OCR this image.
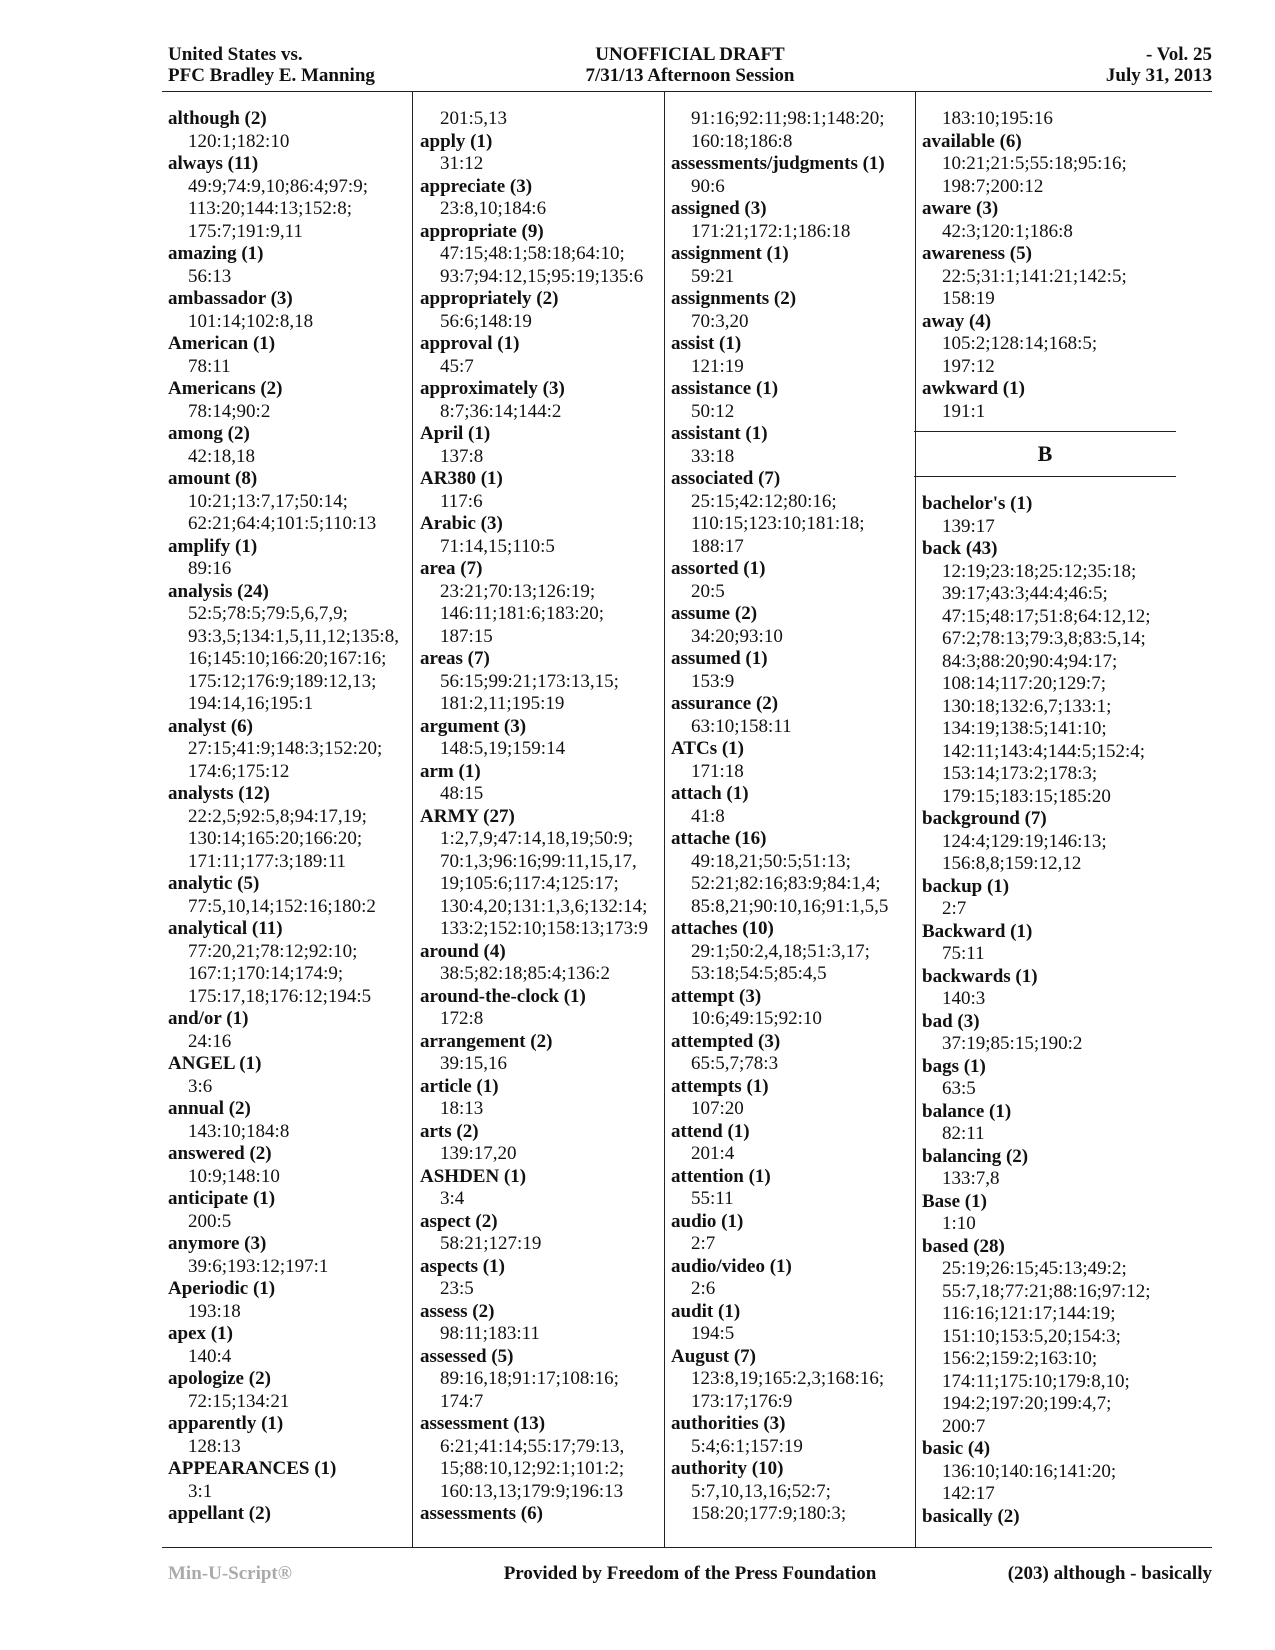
United States vs.
PFC Bradley E. Manning
UNOFFICIAL DRAFT
7/31/13 Afternoon Session
- Vol. 25
July 31, 2013
although (2)
120:1;182:10
always (11)
49:9;74:9,10;86:4;97:9;
113:20;144:13;152:8;
175:7;191:9,11
amazing (1)
56:13
ambassador (3)
101:14;102:8,18
American (1)
78:11
Americans (2)
78:14;90:2
among (2)
42:18,18
amount (8)
10:21;13:7,17;50:14;
62:21;64:4;101:5;110:13
amplify (1)
89:16
analysis (24)
52:5;78:5;79:5,6,7,9;
93:3,5;134:1,5,11,12;135:8,
16;145:10;166:20;167:16;
175:12;176:9;189:12,13;
194:14,16;195:1
analyst (6)
27:15;41:9;148:3;152:20;
174:6;175:12
analysts (12)
22:2,5;92:5,8;94:17,19;
130:14;165:20;166:20;
171:11;177:3;189:11
analytic (5)
77:5,10,14;152:16;180:2
analytical (11)
77:20,21;78:12;92:10;
167:1;170:14;174:9;
175:17,18;176:12;194:5
and/or (1)
24:16
ANGEL (1)
3:6
annual (2)
143:10;184:8
answered (2)
10:9;148:10
anticipate (1)
200:5
anymore (3)
39:6;193:12;197:1
Aperiodic (1)
193:18
apex (1)
140:4
apologize (2)
72:15;134:21
apparently (1)
128:13
APPEARANCES (1)
3:1
appellant (2)
201:5,13
apply (1)
31:12
appreciate (3)
23:8,10;184:6
appropriate (9)
47:15;48:1;58:18;64:10;
93:7;94:12,15;95:19;135:6
appropriately (2)
56:6;148:19
approval (1)
45:7
approximately (3)
8:7;36:14;144:2
April (1)
137:8
AR380 (1)
117:6
Arabic (3)
71:14,15;110:5
area (7)
23:21;70:13;126:19;
146:11;181:6;183:20;
187:15
areas (7)
56:15;99:21;173:13,15;
181:2,11;195:19
argument (3)
148:5,19;159:14
arm (1)
48:15
ARMY (27)
1:2,7,9;47:14,18,19;50:9;
70:1,3;96:16;99:11,15,17,
19;105:6;117:4;125:17;
130:4,20;131:1,3,6;132:14;
133:2;152:10;158:13;173:9
around (4)
38:5;82:18;85:4;136:2
around-the-clock (1)
172:8
arrangement (2)
39:15,16
article (1)
18:13
arts (2)
139:17,20
ASHDEN (1)
3:4
aspect (2)
58:21;127:19
aspects (1)
23:5
assess (2)
98:11;183:11
assessed (5)
89:16,18;91:17;108:16;
174:7
assessment (13)
6:21;41:14;55:17;79:13,
15;88:10,12;92:1;101:2;
160:13,13;179:9;196:13
assessments (6)
91:16;92:11;98:1;148:20;
160:18;186:8
assessments/judgments (1)
90:6
assigned (3)
171:21;172:1;186:18
assignment (1)
59:21
assignments (2)
70:3,20
assist (1)
121:19
assistance (1)
50:12
assistant (1)
33:18
associated (7)
25:15;42:12;80:16;
110:15;123:10;181:18;
188:17
assorted (1)
20:5
assume (2)
34:20;93:10
assumed (1)
153:9
assurance (2)
63:10;158:11
ATCs (1)
171:18
attach (1)
41:8
attache (16)
49:18,21;50:5;51:13;
52:21;82:16;83:9;84:1,4;
85:8,21;90:10,16;91:1,5,5
attaches (10)
29:1;50:2,4,18;51:3,17;
53:18;54:5;85:4,5
attempt (3)
10:6;49:15;92:10
attempted (3)
65:5,7;78:3
attempts (1)
107:20
attend (1)
201:4
attention (1)
55:11
audio (1)
2:7
audio/video (1)
2:6
audit (1)
194:5
August (7)
123:8,19;165:2,3;168:16;
173:17;176:9
authorities (3)
5:4;6:1;157:19
authority (10)
5:7,10,13,16;52:7;
158:20;177:9;180:3;
183:10;195:16
available (6)
10:21;21:5;55:18;95:16;
198:7;200:12
aware (3)
42:3;120:1;186:8
awareness (5)
22:5;31:1;141:21;142:5;
158:19
away (4)
105:2;128:14;168:5;
197:12
awkward (1)
191:1
B
bachelor's (1)
139:17
back (43)
12:19;23:18;25:12;35:18;
39:17;43:3;44:4;46:5;
47:15;48:17;51:8;64:12,12;
67:2;78:13;79:3,8;83:5,14;
84:3;88:20;90:4;94:17;
108:14;117:20;129:7;
130:18;132:6,7;133:1;
134:19;138:5;141:10;
142:11;143:4;144:5;152:4;
153:14;173:2;178:3;
179:15;183:15;185:20
background (7)
124:4;129:19;146:13;
156:8,8;159:12,12
backup (1)
2:7
Backward (1)
75:11
backwards (1)
140:3
bad (3)
37:19;85:15;190:2
bags (1)
63:5
balance (1)
82:11
balancing (2)
133:7,8
Base (1)
1:10
based (28)
25:19;26:15;45:13;49:2;
55:7,18;77:21;88:16;97:12;
116:16;121:17;144:19;
151:10;153:5,20;154:3;
156:2;159:2;163:10;
174:11;175:10;179:8,10;
194:2;197:20;199:4,7;
200:7
basic (4)
136:10;140:16;141:20;
142:17
basically (2)
Min-U-Script®	Provided by Freedom of the Press Foundation	(203) although - basically
